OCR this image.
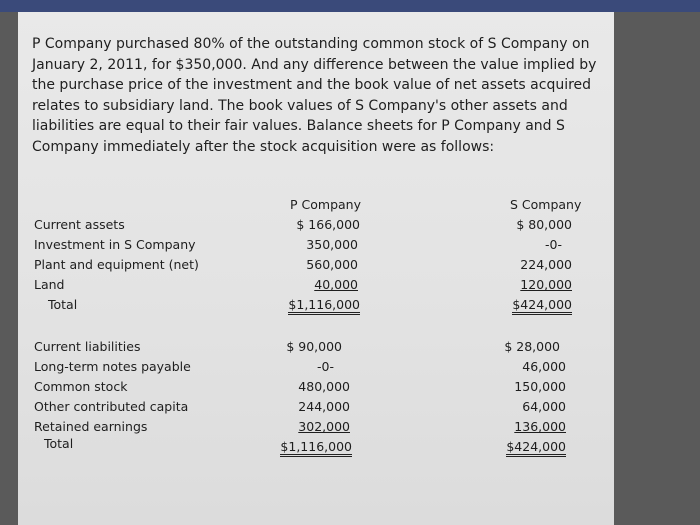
P Company purchased 80% of the outstanding common stock of S Company on
January 2, 2011, for $350,000. And any difference between the value implied by
the purchase price of the investment and the book value of net assets acquired
relates to subsidiary land. The book values of S Company's other assets and
liabilities are equal to their fair values. Balance sheets for P Company and S
Company immediately after the stock acquisition were as follows:

P Company	S Company
Current assets
Investment in S Company
Plant and equipment (net)
Land
Total
$ 166,000
350,000
560,000
40,000
$1,116,000
$ 80,000
-0-
224,000
120,000
$424,000
Current liabilities
Long-term notes payable
Common stock
Other contributed capita
Retained earnings
Total
$ 90,000
-0-
480,000
244,000
302,000
$1,116,000
$ 28,000
46,000
150,000
64,000
136,000
$424,000
